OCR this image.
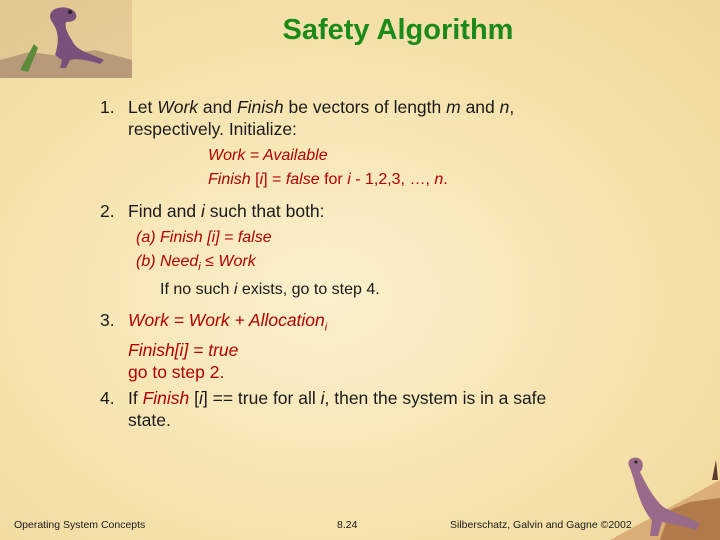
Safety Algorithm
1. Let Work and Finish be vectors of length m and n,
respectively. Initialize:
Work = Available
Finish [i] = false for i - 1,2,3, …, n.
2. Find and i such that both:
(a) Finish [i] = false
(b) Need$_i$ ≤ Work
If no such i exists, go to step 4.
3. Work = Work + Allocation$_i$
Finish[i] = true
go to step 2.
4. If Finish [i] == true for all i, then the system is in a safe
state.
Operating System Concepts	8.24	Silberschatz, Galvin and Gagne ©2002
